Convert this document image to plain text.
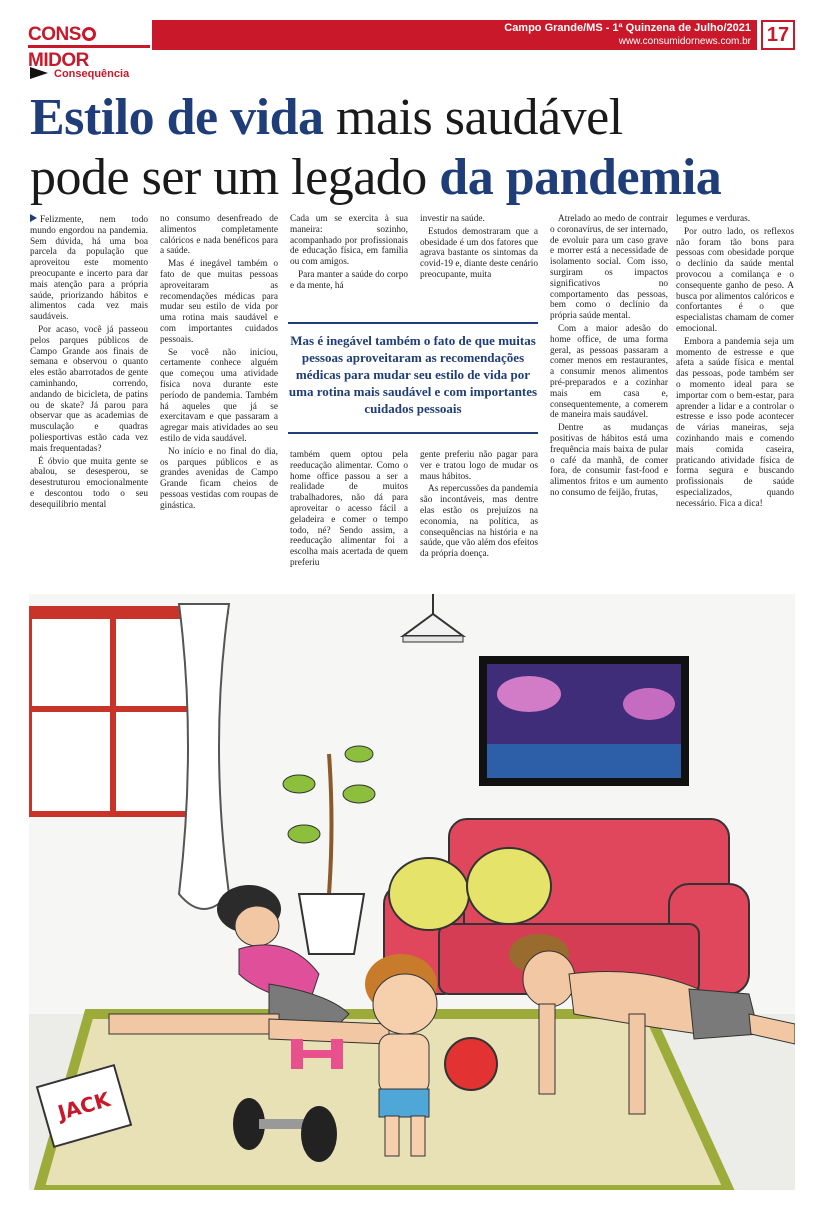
CONSMIDOR
Campo Grande/MS - 1ª Quinzena de Julho/2021
www.consumidornews.com.br 17
Consequência
Estilo de vida mais saudável
pode ser um legado da pandemia

Felizmente, nem todo mundo engordou na pandemia. Sem dúvida, há uma boa parcela da população que aproveitou este momento preocupante e incerto para dar mais atenção para a própria saúde, priorizando hábitos e alimentos cada vez mais saudáveis.

Por acaso, você já passeou pelos parques públicos de Campo Grande aos finais de semana e observou o quanto eles estão abarrotados de gente caminhando, correndo, andando de bicicleta, de patins ou de skate? Já parou para observar que as academias de musculação e quadras poliesportivas estão cada vez mais frequentadas?

É óbvio que muita gente se abalou, se desesperou, se desestruturou emocionalmente e descontou todo o seu desequilíbrio mental

no consumo desenfreado de alimentos completamente calóricos e nada benéficos para a saúde.

Mas é inegável também o fato de que muitas pessoas aproveitaram as recomendações médicas para mudar seu estilo de vida por uma rotina mais saudável e com importantes cuidados pessoais.

Se você não iniciou, certamente conhece alguém que começou uma atividade física nova durante este período de pandemia. Também há aqueles que já se exercitavam e que passaram a agregar mais atividades ao seu estilo de vida saudável.

No início e no final do dia, os parques públicos e as grandes avenidas de Campo Grande ficam cheios de pessoas vestidas com roupas de ginástica.

Cada um se exercita à sua maneira: sozinho, acompanhado por profissionais de educação física, em família ou com amigos.

Para manter a saúde do corpo e da mente, há

investir na saúde.

Estudos demostraram que a obesidade é um dos fatores que agrava bastante os sintomas da covid-19 e, diante deste cenário preocupante, muita

Mas é inegável também o fato de que muitas pessoas aproveitaram as recomendações médicas para mudar seu estilo de vida por uma rotina mais saudável e com importantes cuidados pessoais

também quem optou pela reeducação alimentar. Como o home office passou a ser a realidade de muitos trabalhadores, não dá para aproveitar o acesso fácil a geladeira e comer o tempo todo, né? Sendo assim, a reeducação alimentar foi a escolha mais acertada de quem preferiu

gente preferiu não pagar para ver e tratou logo de mudar os maus hábitos.

As repercussões da pandemia são incontáveis, mas dentre elas estão os prejuízos na economia, na política, as consequências na história e na saúde, que vão além dos efeitos da própria doença.

Atrelado ao medo de contrair o coronavírus, de ser internado, de evoluir para um caso grave e morrer está a necessidade de isolamento social. Com isso, surgiram os impactos significativos no comportamento das pessoas, bem como o declínio da própria saúde mental.

Com a maior adesão do home office, de uma forma geral, as pessoas passaram a comer menos em restaurantes, a consumir menos alimentos pré-preparados e a cozinhar mais em casa e, consequentemente, a comerem de maneira mais saudável.

Dentre as mudanças positivas de hábitos está uma frequência mais baixa de pular o café da manhã, de comer fora, de consumir fast-food e alimentos fritos e um aumento no consumo de feijão, frutas,

legumes e verduras.

Por outro lado, os reflexos não foram tão bons para pessoas com obesidade porque o declínio da saúde mental provocou a comilança e o consequente ganho de peso. A busca por alimentos calóricos e confortantes é o que especialistas chamam de comer emocional.

Embora a pandemia seja um momento de estresse e que afeta a saúde física e mental das pessoas, pode também ser o momento ideal para se importar com o bem-estar, para aprender a lidar e a controlar o estresse e isso pode acontecer de várias maneiras, seja cozinhando mais e comendo mais comida caseira, praticando atividade física de forma segura e buscando profissionais de saúde especializados, quando necessário. Fica a dica!

JACK
